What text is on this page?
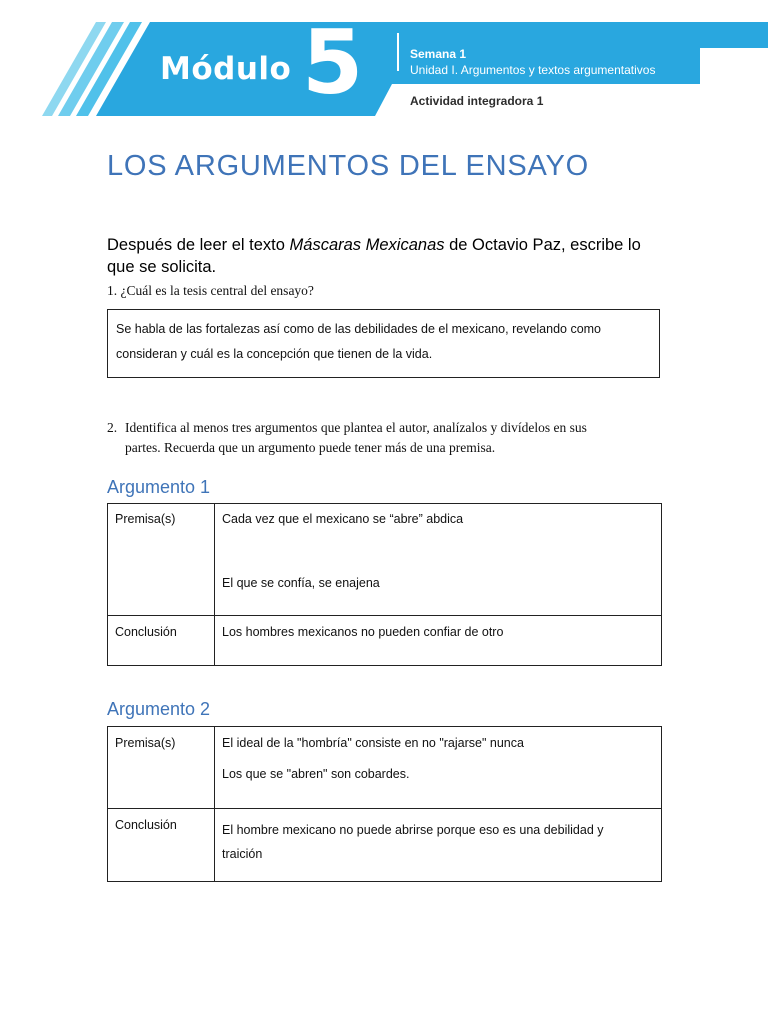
Módulo 5	Semana 1
Unidad I. Argumentos y textos argumentativos
Actividad integradora 1
LOS ARGUMENTOS DEL ENSAYO
Después de leer el texto Máscaras Mexicanas de Octavio Paz, escribe lo que se solicita.
1. ¿Cuál es la tesis central del ensayo?
Se habla de las fortalezas así como de las debilidades de el mexicano, revelando como
consideran y cuál es la concepción que tienen de la vida.
2. Identifica al menos tres argumentos que plantea el autor, analízalos y divídelos en sus
partes. Recuerda que un argumento puede tener más de una premisa.
Argumento 1
Premisa(s)	Cada vez que el mexicano se “abre” abdica
El que se confía, se enajena

Conclusión	Los hombres mexicanos no pueden confiar de otro
Argumento 2
Premisa(s)	El ideal de la "hombría" consiste en no "rajarse" nunca
Los que se "abren" son cobardes.

Conclusión	El hombre mexicano no puede abrirse porque eso es una debilidad y
traición
